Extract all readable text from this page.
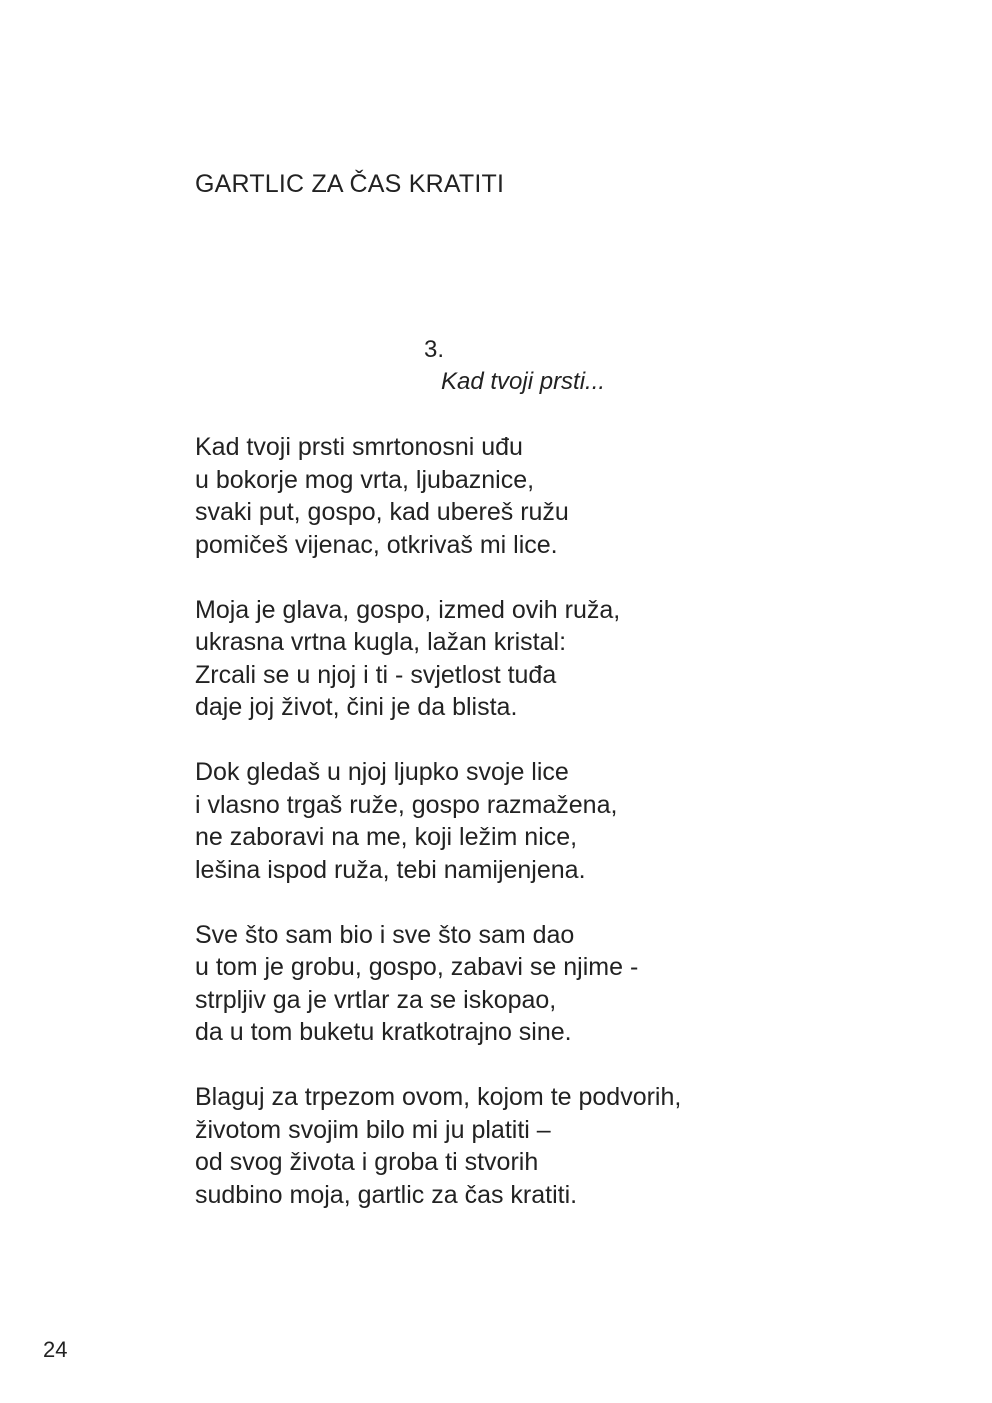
GARTLIC ZA ČAS KRATITI
3.
Kad tvoji prsti...
Kad tvoji prsti smrtonosni uđu
u bokorje mog vrta, ljubaznice,
svaki put, gospo, kad ubereš ružu
pomičeš vijenac, otkrivaš mi lice.
Moja je glava, gospo, izmed ovih ruža,
ukrasna vrtna kugla, lažan kristal:
Zrcali se u njoj i ti - svjetlost tuđa
daje joj život, čini je da blista.
Dok gledaš u njoj ljupko svoje lice
i vlasno trgaš ruže, gospo razmažena,
ne zaboravi na me, koji ležim nice,
lešina ispod ruža, tebi namijenjena.
Sve što sam bio i sve što sam dao
u tom je grobu, gospo, zabavi se njime -
strpljiv ga je vrtlar za se iskopao,
da u tom buketu kratkotrajno sine.
Blaguj za trpezom ovom, kojom te podvorih,
životom svojim bilo mi ju platiti –
od svog života i groba ti stvorih
sudbino moja, gartlic za čas kratiti.
24
